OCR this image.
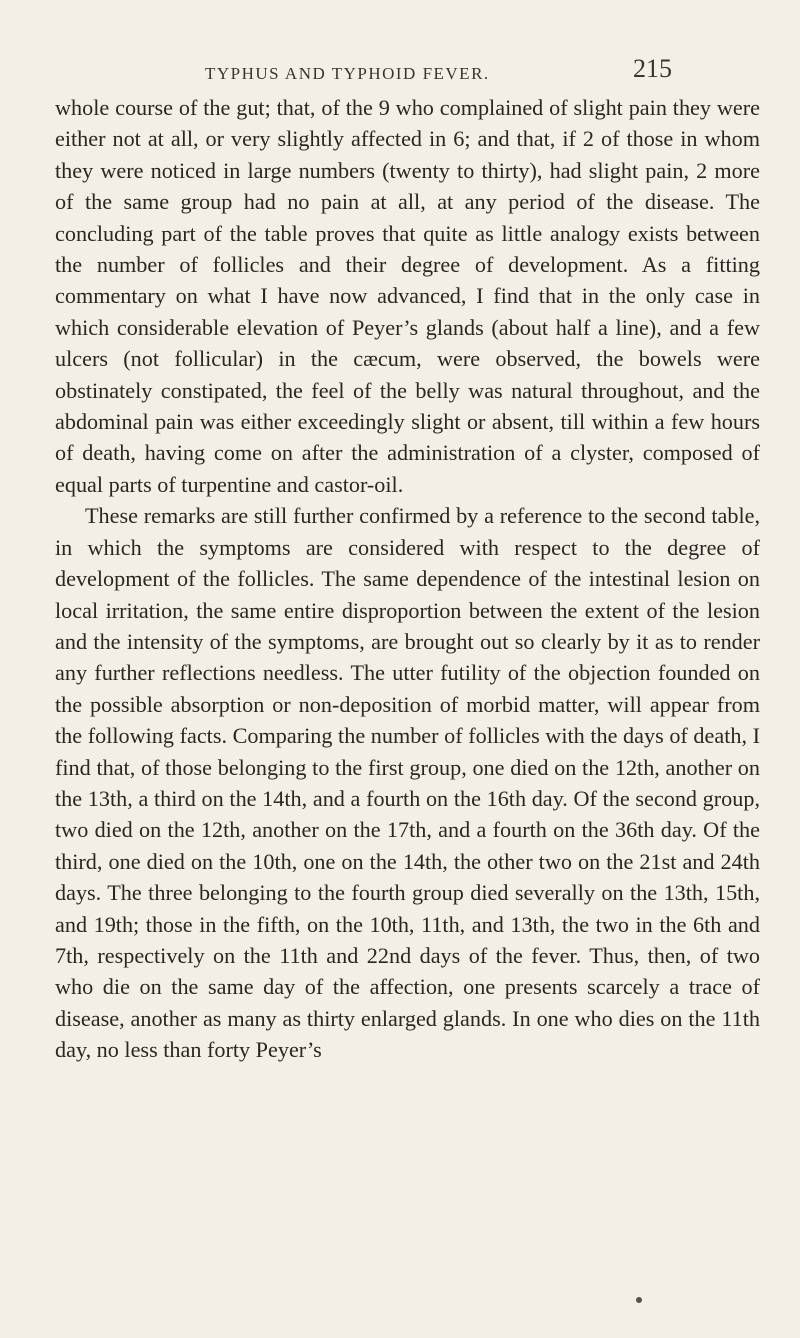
TYPHUS AND TYPHOID FEVER.	215

whole course of the gut; that, of the 9 who complained of slight pain they were either not at all, or very slightly affected in 6; and that, if 2 of those in whom they were noticed in large numbers (twenty to thirty), had slight pain, 2 more of the same group had no pain at all, at any period of the disease. The concluding part of the table proves that quite as little analogy exists between the number of follicles and their degree of development. As a fitting commentary on what I have now advanced, I find that in the only case in which considerable elevation of Peyer’s glands (about half a line), and a few ulcers (not follicular) in the cæcum, were observed, the bowels were obstinately constipated, the feel of the belly was natural throughout, and the abdominal pain was either exceedingly slight or absent, till within a few hours of death, having come on after the administration of a clyster, composed of equal parts of turpentine and castor-oil.

These remarks are still further confirmed by a reference to the second table, in which the symptoms are considered with respect to the degree of development of the follicles. The same dependence of the intestinal lesion on local irritation, the same entire disproportion between the extent of the lesion and the intensity of the symptoms, are brought out so clearly by it as to render any further reflections needless. The utter futility of the objection founded on the possible absorption or non-deposition of morbid matter, will appear from the following facts. Comparing the number of follicles with the days of death, I find that, of those belonging to the first group, one died on the 12th, another on the 13th, a third on the 14th, and a fourth on the 16th day. Of the second group, two died on the 12th, another on the 17th, and a fourth on the 36th day. Of the third, one died on the 10th, one on the 14th, the other two on the 21st and 24th days. The three belonging to the fourth group died severally on the 13th, 15th, and 19th; those in the fifth, on the 10th, 11th, and 13th, the two in the 6th and 7th, respectively on the 11th and 22nd days of the fever. Thus, then, of two who die on the same day of the affection, one presents scarcely a trace of disease, another as many as thirty enlarged glands. In one who dies on the 11th day, no less than forty Peyer’s
